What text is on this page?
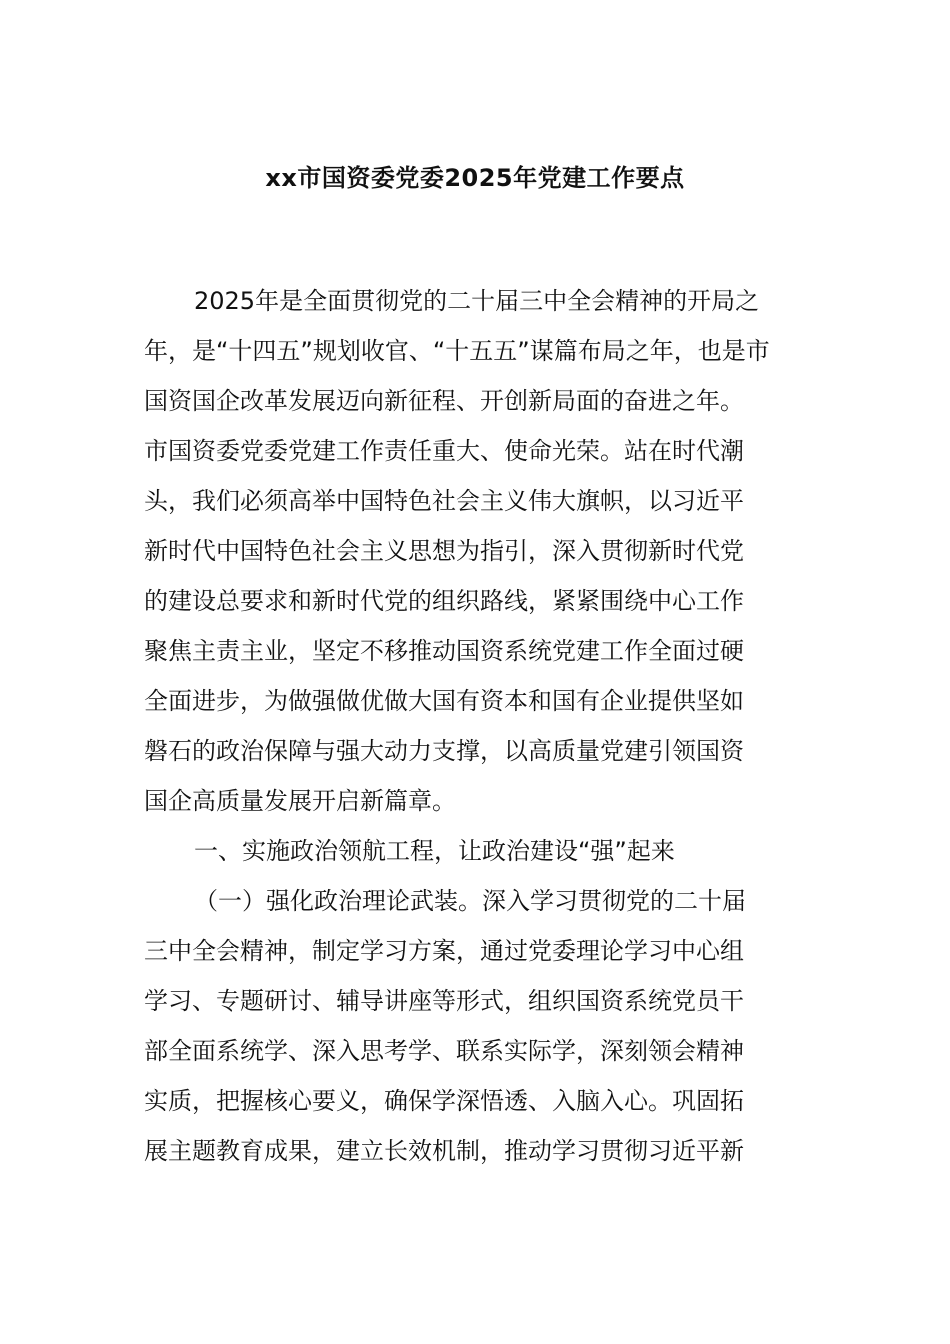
xx市国资委党委2025年党建工作要点
2025年是全面贯彻党的二十届三中全会精神的开局之
年，是“十四五”规划收官、“十五五”谋篇布局之年，也是市
国资国企改革发展迈向新征程、开创新局面的奋进之年。
市国资委党委党建工作责任重大、使命光荣。站在时代潮
头，我们必须高举中国特色社会主义伟大旗帜，以习近平
新时代中国特色社会主义思想为指引，深入贯彻新时代党
的建设总要求和新时代党的组织路线，紧紧围绕中心工作
聚焦主责主业，坚定不移推动国资系统党建工作全面过硬
全面进步，为做强做优做大国有资本和国有企业提供坚如
磐石的政治保障与强大动力支撑，以高质量党建引领国资
国企高质量发展开启新篇章。
一、实施政治领航工程，让政治建设“强”起来
（一）强化政治理论武装。深入学习贯彻党的二十届
三中全会精神，制定学习方案，通过党委理论学习中心组
学习、专题研讨、辅导讲座等形式，组织国资系统党员干
部全面系统学、深入思考学、联系实际学，深刻领会精神
实质，把握核心要义，确保学深悟透、入脑入心。巩固拓
展主题教育成果，建立长效机制，推动学习贯彻习近平新
